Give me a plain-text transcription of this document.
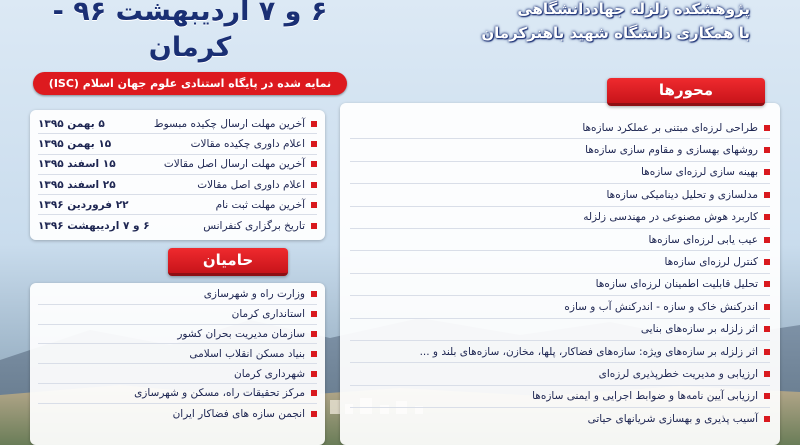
۶ و ۷ اردیبهشت ۹۶ - کرمان
نمایه شده در پایگاه استنادی علوم جهان اسلام (ISC)
پژوهشکده زلزله جهاددانشگاهی
با همکاری دانشگاه شهید باهنرکرمان
آخرین مهلت ارسال چکیده مبسوط
۵ بهمن ۱۳۹۵
اعلام داوری چکیده مقالات
۱۵ بهمن ۱۳۹۵
آخرین مهلت ارسال اصل مقالات
۱۵ اسفند ۱۳۹۵
اعلام داوری اصل مقالات
۲۵ اسفند ۱۳۹۵
آخرین مهلت ثبت نام
۲۲ فروردین ۱۳۹۶
تاریخ برگزاری کنفرانس
۶ و ۷ اردیبهشت ۱۳۹۶
حامیان
وزارت راه و شهرسازی
استانداری کرمان
سازمان مدیریت بحران کشور
بنیاد مسکن انقلاب اسلامی
شهرداری کرمان
مرکز تحقیقات راه، مسکن و شهرسازی
انجمن سازه های فضاکار ایران
محورها
طراحی لرزه‌ای مبتنی بر عملکرد سازه‌ها
روشهای بهسازی و مقاوم سازی سازه‌ها
بهینه سازی لرزه‌ای سازه‌ها
مدلسازی و تحلیل دینامیکی سازه‌ها
کاربرد هوش مصنوعی در مهندسی زلزله
عیب یابی لرزه‌ای سازه‌ها
کنترل لرزه‌ای سازه‌ها
تحلیل قابلیت اطمینان لرزه‌ای سازه‌ها
اندرکنش خاک و سازه - اندرکنش آب و سازه
اثر زلزله بر سازه‌های بنایی
اثر زلزله بر سازه‌های ویژه: سازه‌های فضاکار، پلها، مخازن، سازه‌های بلند و ...
ارزیابی و مدیریت خطرپذیری لرزه‌ای
ارزیابی آیین نامه‌ها و ضوابط اجرایی و ایمنی سازه‌ها
آسیب پذیری و بهسازی شریانهای حیاتی
